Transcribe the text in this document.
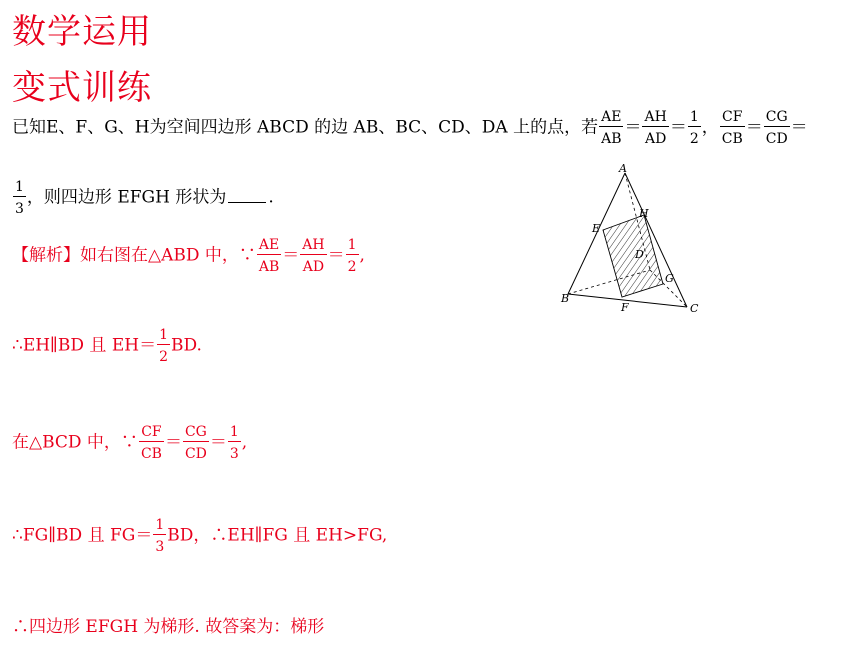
数学运用
变式训练
已知E、F、G、H为空间四边形 ABCD 的边 AB、BC、CD、DA 上的点，若 $\frac{AE}{AB} = \frac{AH}{AD} = \frac{1}{2}$ ， $\frac{CF}{CB} = \frac{CG}{CD}$ ＝
$\frac{1}{3}$ ，则四边形 EFGH 形状为 .
【解析】如右图在△ABD 中，∵ $\frac{AE}{AB} = \frac{AH}{AD} = \frac{1}{2}$ ,
∴EH∥BD 且 $EH= \frac{1}{2}$ BD.
在△BCD 中，∵ $\frac{CF}{CB} = \frac{CG}{CD} = \frac{1}{3}$ ,
∴FG∥BD 且 $FG= \frac{1}{3}$ BD，∴EH∥FG 且 EH>FG,
∴四边形 EFGH 为梯形. 故答案为：梯形
A
B
C
D
E
F
G
H
